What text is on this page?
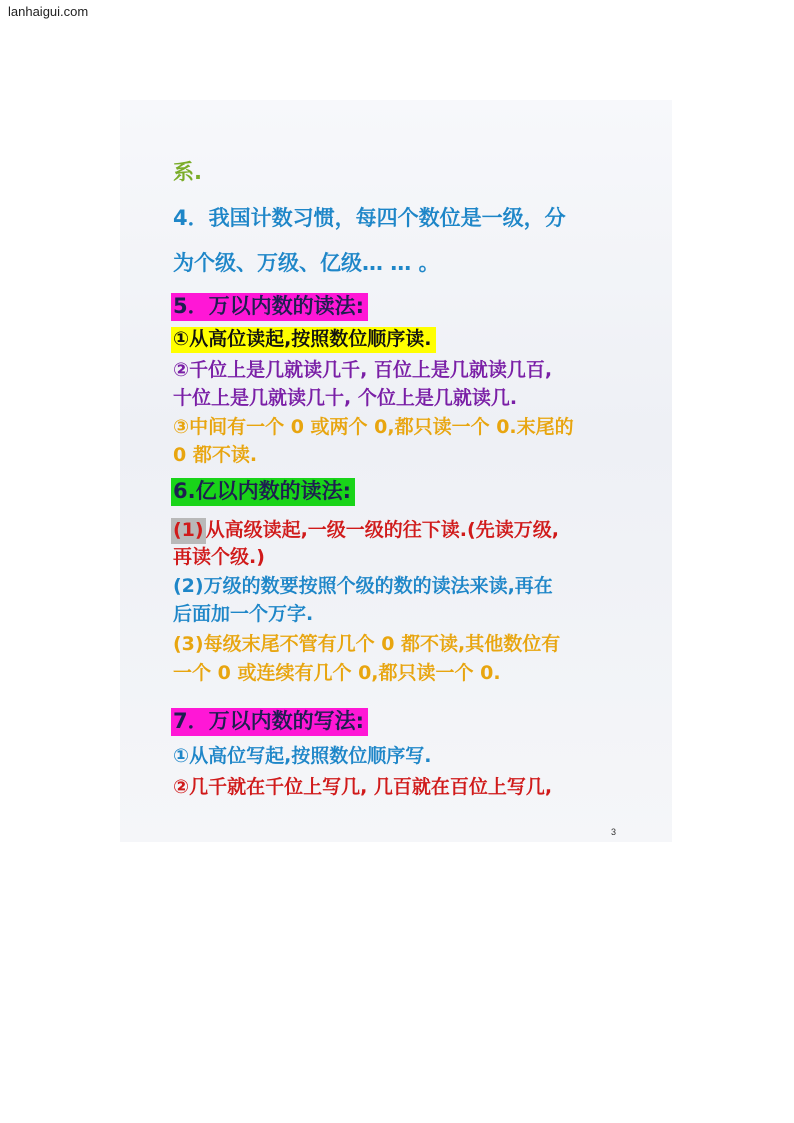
lanhaigui.com
系.
4．我国计数习惯，每四个数位是一级，分
为个级、万级、亿级… … 。
5．万以内数的读法:
①从高位读起,按照数位顺序读.
②千位上是几就读几千, 百位上是几就读几百,
十位上是几就读几十, 个位上是几就读几.
③中间有一个 0 或两个 0,都只读一个 0.末尾的
0 都不读.
6.亿以内数的读法:
(1) 从高级读起,一级一级的往下读.(先读万级,
再读个级.)
(2)万级的数要按照个级的数的读法来读,再在
后面加一个万字.
(3)每级末尾不管有几个 0 都不读,其他数位有
一个 0 或连续有几个 0,都只读一个 0.
7．万以内数的写法:
①从高位写起,按照数位顺序写.
②几千就在千位上写几, 几百就在百位上写几,
3
